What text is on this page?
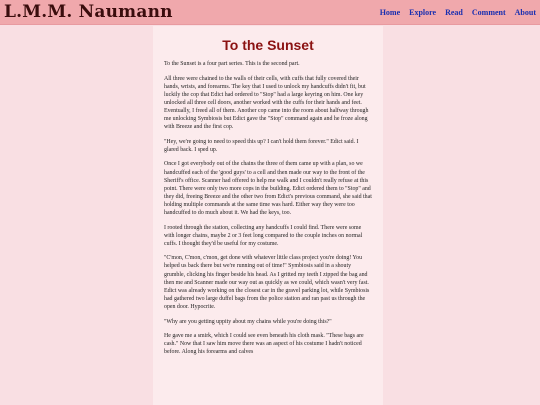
L.M.M. Naumann	Home Explore Read Comment About
To the Sunset

To the Sunset is a four part series. This is the second part.

All three were chained to the walls of their cells, with cuffs that fully covered their hands, wrists, and forearms. The key that I used to unlock my handcuffs didn't fit, but luckily the cop that Edict had ordered to "Stop" had a large keyring on him. One key unlocked all three cell doors, another worked with the cuffs for their hands and feet. Eventually, I freed all of them. Another cop came into the room about halfway through me unlocking Symbiosis but Edict gave the "Stop" command again and he froze along with Breeze and the first cop.

"Hey, we're going to need to speed this up? I can't hold them forever." Edict said. I glared back. I sped up.

Once I got everybody out of the chains the three of them came up with a plan, so we handcuffed each of the 'good guys' to a cell and then made our way to the front of the Sheriff's office. Scanner had offered to help me walk and I couldn't really refuse at this point. There were only two more cops in the building. Edict ordered them to "Stop" and they did, freeing Breeze and the other two from Edict's previous command, she said that holding multiple commands at the same time was hard. Either way they were too handcuffed to do much about it. We had the keys, too.

I rooted through the station, collecting any handcuffs I could find. There were some with longer chains, maybe 2 or 3 feet long compared to the couple inches on normal cuffs. I thought they'd be useful for my costume.

"C'mon, C'mon, c'mon, get done with whatever little class project you're doing! You helped us back there but we're running out of time!" Symbiosis said in a shouty grumble, clicking his finger beside his head. As I gritted my teeth I zipped the bag and then me and Scanner made our way out as quickly as we could, which wasn't very fast. Edict was already working on the closest car in the gravel parking lot, while Symbiosis had gathered two large duffel bags from the police station and ran past us through the open door. Hypocrite.

"Why are you getting uppity about my chains while you're doing this?"

He gave me a smirk, which I could see even beneath his cloth mask. "These bags are cash." Now that I saw him move there was an aspect of his costume I hadn't noticed before. Along his forearms and calves
